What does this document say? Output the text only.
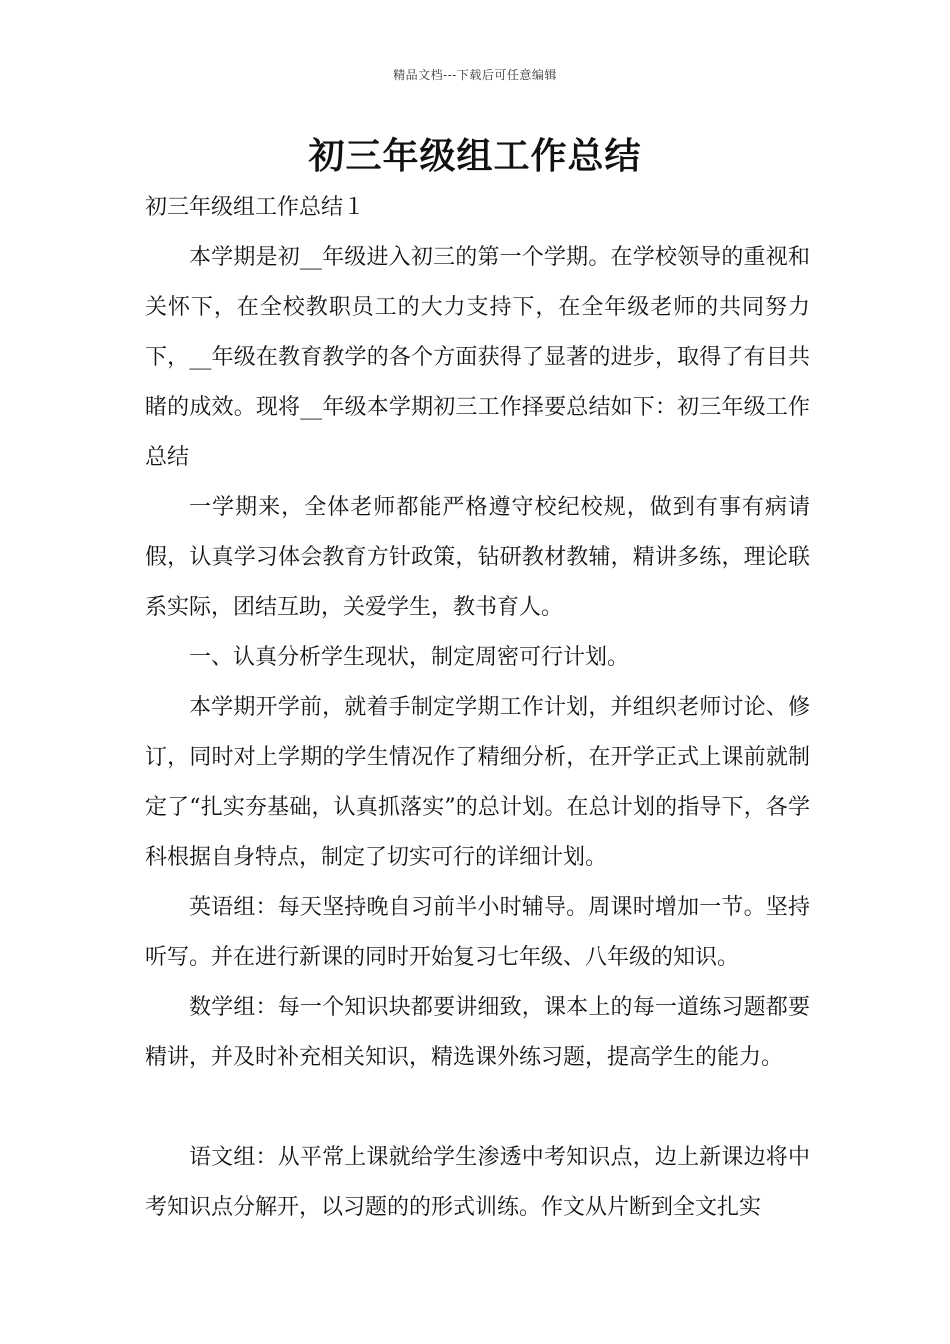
精品文档---下载后可任意编辑
初三年级组工作总结

初三年级组工作总结１

本学期是初__年级进入初三的第一个学期。在学校领导的重视和关怀下，在全校教职员工的大力支持下，在全年级老师的共同努力下，__年级在教育教学的各个方面获得了显著的进步，取得了有目共睹的成效。现将__年级本学期初三工作择要总结如下：初三年级工作总结

一学期来，全体老师都能严格遵守校纪校规，做到有事有病请假，认真学习体会教育方针政策，钻研教材教辅，精讲多练，理论联系实际，团结互助，关爱学生，教书育人。

一、认真分析学生现状，制定周密可行计划。

本学期开学前，就着手制定学期工作计划，并组织老师讨论、修订，同时对上学期的学生情况作了精细分析，在开学正式上课前就制定了“扎实夯基础，认真抓落实”的总计划。在总计划的指导下，各学科根据自身特点，制定了切实可行的详细计划。

英语组：每天坚持晚自习前半小时辅导。周课时增加一节。坚持听写。并在进行新课的同时开始复习七年级、八年级的知识。

数学组：每一个知识块都要讲细致，课本上的每一道练习题都要精讲，并及时补充相关知识，精选课外练习题，提高学生的能力。

语文组：从平常上课就给学生渗透中考知识点，边上新课边将中考知识点分解开，以习题的的形式训练。作文从片断到全文扎实
